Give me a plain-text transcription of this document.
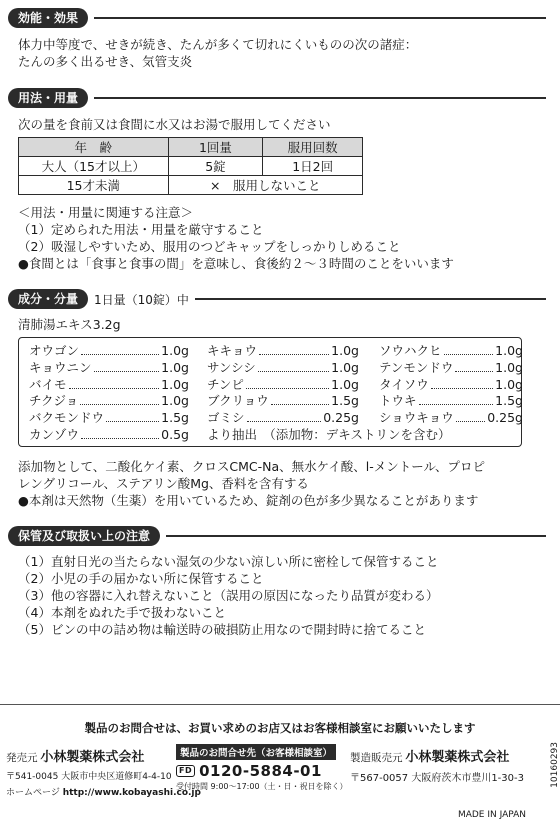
効能・効果
体力中等度で、せきが続き、たんが多くて切れにくいものの次の諸症：
たんの多く出るせき、気管支炎
用法・用量
次の量を食前又は食間に水又はお湯で服用してください
年　齢	1回量	服用回数
大人（15才以上）	5錠	1日2回
15才未満	×　服用しないこと	
＜用法・用量に関連する注意＞
（1）定められた用法・用量を厳守すること
（2）吸湿しやすいため、服用のつどキャップをしっかりしめること
●食間とは「食事と食事の間」を意味し、食後約２～３時間のことをいいます
成分・分量	1日量（10錠）中
清肺湯エキス3.2g
オウゴン	1.0g キキョウ	1.0g ソウハクヒ	1.0g
キョウニン	1.0g サンシシ	1.0g テンモンドウ	1.0g
バイモ	1.0g チンピ	1.0g タイソウ	1.0g
チクジョ	1.0g ブクリョウ	1.5g トウキ	1.5g
バクモンドウ	1.5g ゴミシ	0.25g ショウキョウ	0.25g
カンゾウ	0.5g より抽出　（添加物：デキストリンを含む）
添加物として、二酸化ケイ素、クロスCMC-Na、無水ケイ酸、l-メントール、プロピ
レングリコール、ステアリン酸Mg、香料を含有する
●本剤は天然物（生薬）を用いているため、錠剤の色が多少異なることがあります
保管及び取扱い上の注意
（1）直射日光の当たらない湿気の少ない涼しい所に密栓して保管すること
（2）小児の手の届かない所に保管すること
（3）他の容器に入れ替えないこと（誤用の原因になったり品質が変わる）
（4）本剤をぬれた手で扱わないこと
（5）ビンの中の詰め物は輸送時の破損防止用なので開封時に捨てること
製品のお問合せは、お買い求めのお店又はお客様相談室にお願いいたします
発売元 小林製薬株式会社
〒541-0045 大阪市中央区道修町4-4-10
ホームページ http://www.kobayashi.co.jp
製品のお問合せ先（お客様相談室）
FD 0120-5884-01
受付時間 9:00～17:00（土・日・祝日を除く）
製造販売元 小林製薬株式会社
〒567-0057 大阪府茨木市豊川1-30-3
MADE IN JAPAN
10160293
